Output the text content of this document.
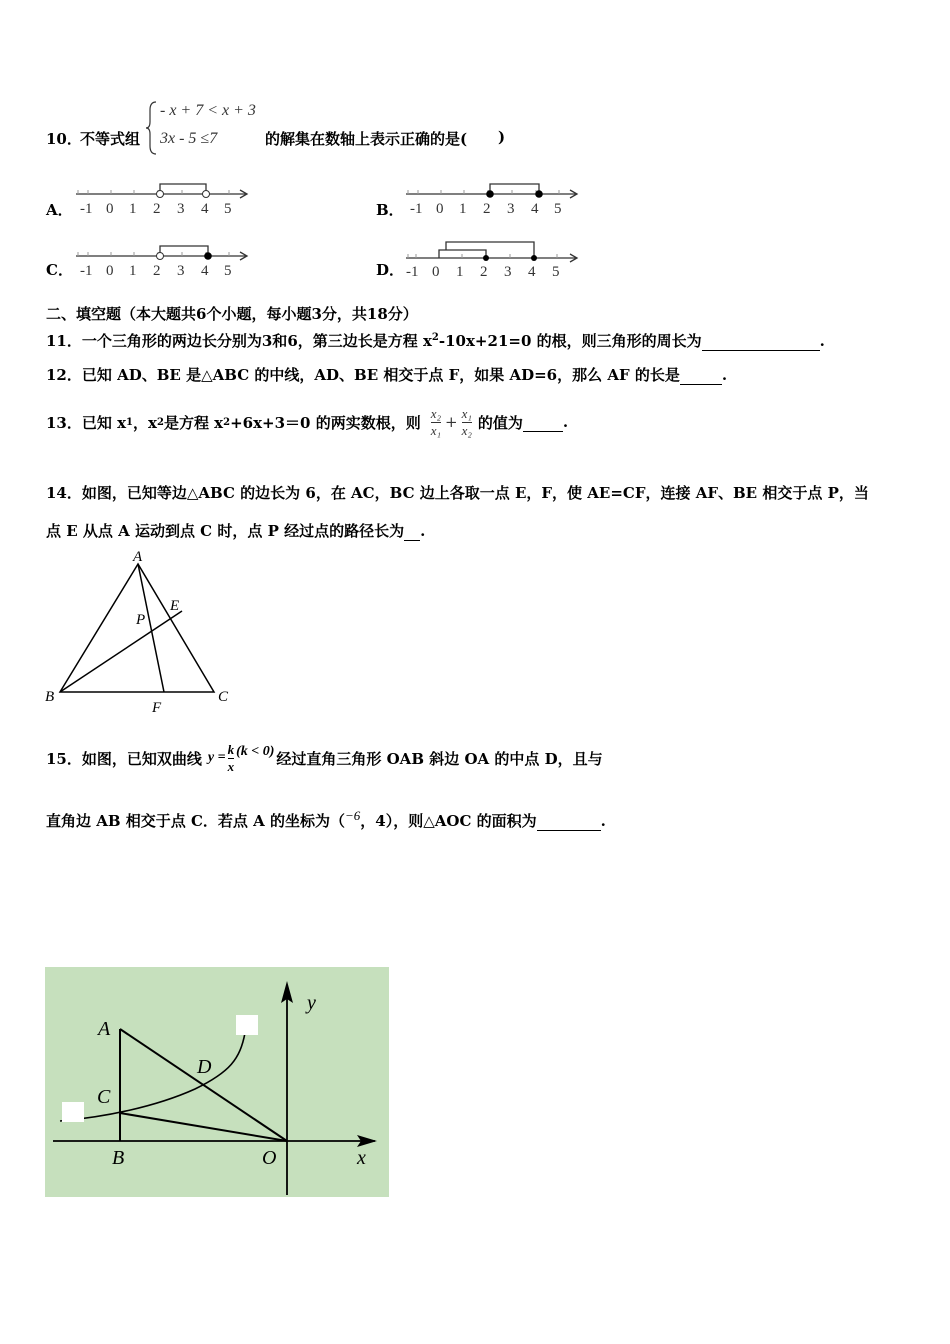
10．
不等式组
- x + 7 < x + 3
3x - 5 ≤7	的解集在数轴上表示正确的是( )
A． -1 0 1 2 3 4 5	B． -1 0 1 2 3 4 5
C． -1 0 1 2 3 4 5	D． -1 0 1 2 3 4 5
二、填空题（本大题共6个小题，每小题3分，共18分）
11．一个三角形的两边长分别为3和6，第三边长是方程 $x^2-10x+21=0$ 的根，则三角形的周长为	.
12．已知 AD、BE 是△ABC 的中线，AD、BE 相交于点 F，如果 AD=6，那么 AF 的长是	.
13．已知 x 1 ，x 2 是方程 x 2 +6x+3＝0 的两实数根，则 $\frac{\text{x₂}}{\text{x₁}} + \frac{\text{x₁}}{\text{x₂}}$ 的值为
	.
14．如图，已知等边△ABC 的边长为 6，在 AC，BC 边上各取一点 E，F，使 AE=CF，连接 AF、BE 相交于点 P，当
点 E 从点 A 运动到点 C 时，点 P 经过点的路径长为 .
A
B	C
E
F
P
15．如图，已知双曲线 $y = \frac{k}{x} (k < 0)$ 经过直角三角形 OAB 斜边 OA 的中点 D，且与
直角边 AB 相交于点 C．若点 A 的坐标为（−6，4），则△AOC 的面积为	.
A
C
D
B	O	x
y
